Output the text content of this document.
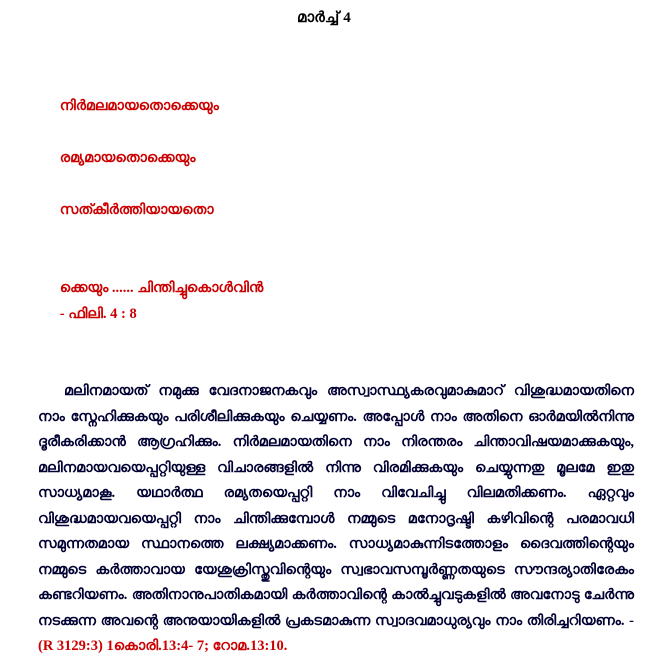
മാർച്ച് 4

നിർമലമായതൊക്കെയും

രമ്യമായതൊക്കെയും

സത്കീർത്തിയായതൊ

ക്കെയും ...... ചിന്തിച്ചുകൊൾവിൻ
- ഫിലി. 4 : 8

മലിനമായത് നമുക്കു വേദനാജനകവും അസ്വാസ്ഥ്യകരവുമാകുമാറ് വിശുദ്ധമായതിനെ നാം സ്നേഹിക്കുകയും പരിശീലിക്കുകയും ചെയ്യണം. അപ്പോൾ നാം അതിനെ ഓർമയിൽനിന്നു ദൂരീകരിക്കാൻ ആഗ്രഹിക്കും. നിർമലമായതിനെ നാം നിരന്തരം ചിന്താവിഷയമാക്കുകയും, മലിനമായവയെപ്പറ്റിയുള്ള വിചാരങ്ങളിൽ നിന്നു വിരമിക്കുകയും ചെയ്യുന്നതു മൂലമേ ഇതു സാധ്യമാകൂ. യഥാർത്ഥ രമ്യതയെപ്പറ്റി നാം വിവേചിച്ചു വിലമതിക്കണം. ഏറ്റവും വിശുദ്ധമായവയെപ്പറ്റി നാം ചിന്തിക്കുമ്പോൾ നമ്മുടെ മനോദൃഷ്ടി കഴിവിന്റെ പരമാവധി സമുന്നതമായ സ്ഥാനത്തെ ലക്ഷ്യമാക്കണം. സാധ്യമാകുന്നിടത്തോളം ദൈവത്തിന്റെയും നമ്മുടെ കർത്താവായ യേശുക്രിസ്തുവിന്റെയും സ്വഭാവസമ്പൂർണ്ണതയുടെ സൗന്ദര്യാതിരേകം കണ്ടറിയണം. അതിനാനുപാതികമായി കർത്താവിന്റെ കാൽച്ചുവടുകളിൽ അവനോടു ചേർന്നു നടക്കുന്ന അവന്റെ അനുയായികളിൽ പ്രകടമാകുന്ന സ്വാദവമാധുര്യവും നാം തിരിച്ചറിയണം. - (R 3129:3) 1കൊരി.13:4- 7; റോമ.13:10.
